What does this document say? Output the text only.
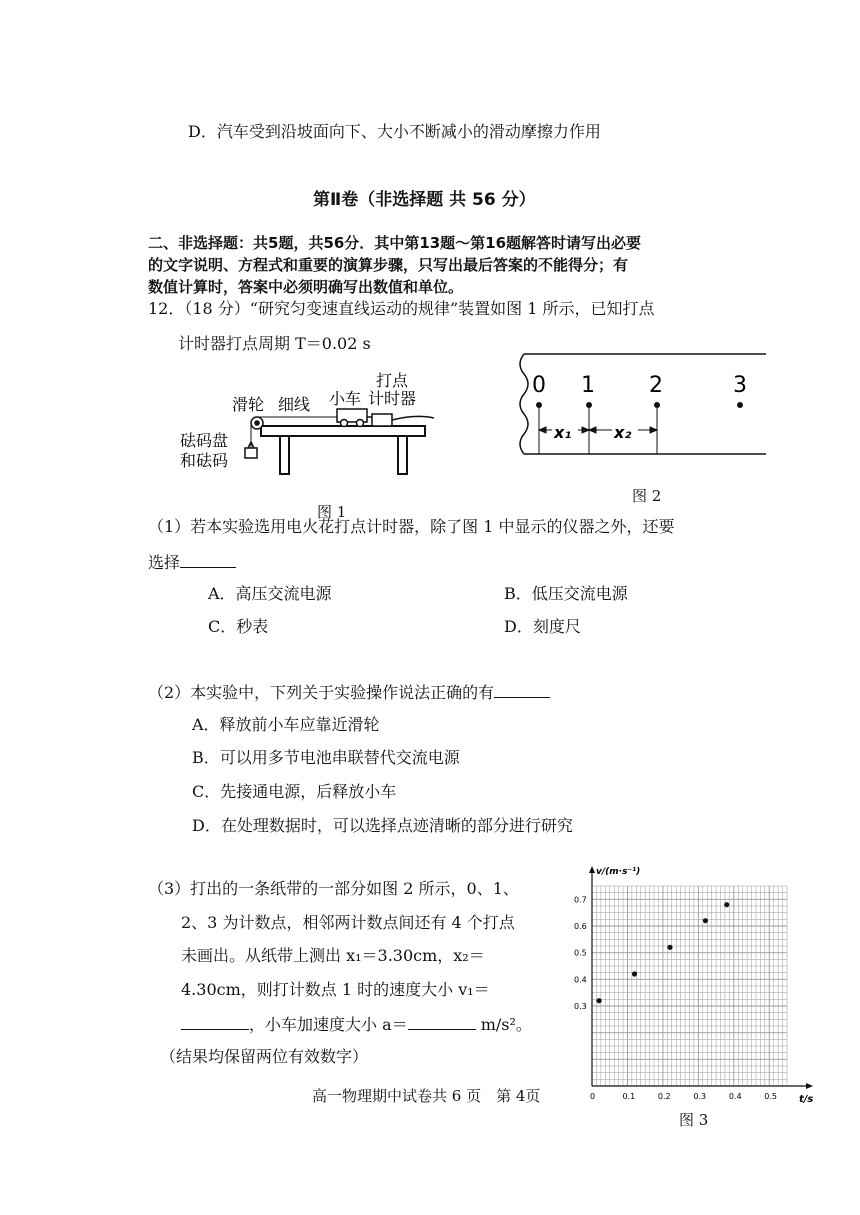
D．汽车受到沿坡面向下、大小不断减小的滑动摩擦力作用
第Ⅱ卷（非选择题 共 56 分）
二、非选择题：共5题，共56分．其中第13题～第16题解答时请写出必要
的文字说明、方程式和重要的演算步骤，只写出最后答案的不能得分；有
数值计算时，答案中必须明确写出数值和单位。
12．（18 分）“研究匀变速直线运动的规律”装置如图 1 所示，已知打点
计时器打点周期 T＝0.02 s
打点
计时器
小车
滑轮 细线
砝码盘
和砝码
图 1
0 1 2	3
x₁	x₂
图 2
（1）若本实验选用电火花打点计时器，除了图 1 中显示的仪器之外，还要
选择
A．高压交流电源	B．低压交流电源
C．秒表	D．刻度尺
（2）本实验中，下列关于实验操作说法正确的有
A．释放前小车应靠近滑轮
B．可以用多节电池串联替代交流电源
C．先接通电源，后释放小车
D．在处理数据时，可以选择点迹清晰的部分进行研究
（3）打出的一条纸带的一部分如图 2 所示，0、1、
2、3 为计数点，相邻两计数点间还有 4 个打点
未画出。从纸带上测出 x₁＝3.30cm，x₂＝
4.30cm，则打计数点 1 时的速度大小 v₁＝
，小车加速度大小 a＝	m/s²。
（结果均保留两位有效数字）
v/(m·s⁻¹)
t/s
0	0.1	0.2	0.3	0.4	0.5
0.3
0.4
0.5
0.6
0.7
图 3
高一物理期中试卷共 6 页　第 4页
